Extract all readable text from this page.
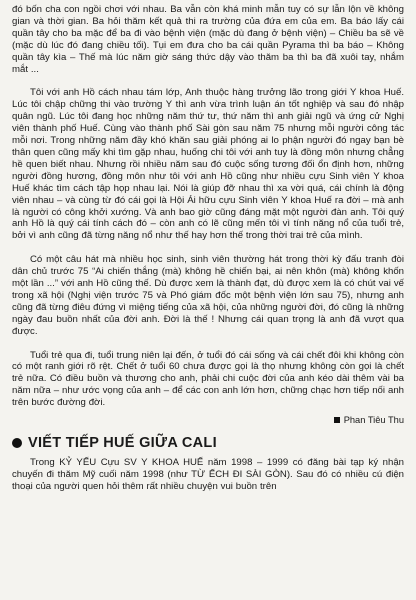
đó bốn cha con ngồi chơi với nhau. Ba vẫn còn khá minh mẫn tuy có sự lẫn lộn về không gian và thời gian. Ba hỏi thăm kết quả thi ra trường của đứa em của em. Ba báo lấy cái quần tây cho ba mặc để ba đi vào bệnh viện (mặc dù đang ở bệnh viện) – Chiều ba sẽ về (mặc dù lúc đó đang chiều tối). Tụi em đưa cho ba cái quần Pyrama thì ba báo – Không quần tây kìa – Thế mà lúc năm giờ sáng thức dậy vào thăm ba thì ba đã xuôi tay, nhắm mắt ...

Tôi với anh Hồ cách nhau tám lớp, Anh thuộc hàng trưởng lão trong giới Y khoa Huế. Lúc tôi chập chững thi vào trường Y thì anh vừa trình luận án tốt nghiệp và sau đó nhập quân ngũ. Lúc tôi đang học những năm thứ tư, thứ năm thì anh giải ngũ và ứng cử Nghị viên thành phố Huế. Cùng vào thành phố Sài gòn sau năm 75 nhưng mỗi người công tác mỗi nơi. Trong những năm đầy khó khăn sau giải phóng ai lo phận người đó ngay bạn bè thân quen cũng mấy khi tìm gặp nhau, huống chi tôi với anh tuy là đồng môn nhưng chẳng hề quen biết nhau. Nhưng rồi nhiều năm sau đó cuộc sống tương đối ổn định hơn, những người đồng hương, đồng môn như tôi với anh Hồ cũng như nhiều cựu Sinh viên Y khoa Huế khác tìm cách tập họp nhau lại. Nói là giúp đỡ nhau thì xa vời quá, cái chính là động viên nhau – và cùng từ đó cái gọi là Hội Ái hữu cựu Sinh viên Y khoa Huế ra đời – mà anh là người có công khởi xướng. Và anh bao giờ cũng đáng mặt một người đàn anh. Tôi quý anh Hồ là quý cái tính cách đó – còn anh có lẽ cũng mến tôi vì tính năng nổ của tuổi trẻ, bởi vì anh cũng đã từng năng nổ như thế hay hơn thế trong thời trai trẻ của mình.

Có một câu hát mà nhiều học sinh, sinh viên thường hát trong thời kỳ đấu tranh đòi dân chủ trước 75 “Ai chiến thắng (mà) không hề chiến bại, ai nên khôn (mà) không khốn một lần ...” với anh Hồ cũng thế. Dù được xem là thành đạt, dù được xem là có chút vai vế trong xã hội (Nghị viện trước 75 và Phó giám đốc một bệnh viện lớn sau 75), nhưng anh cũng đã từng điêu đứng vì miệng tiếng của xã hội, của những người đời, đó cũng là những ngày đau buồn nhất của đời anh. Đời là thế ! Nhưng cái quan trọng là anh đã vượt qua được.

Tuổi trẻ qua đi, tuổi trung niên lại đến, ở tuổi đó cái sống và cái chết đôi khi không còn có một ranh giới rõ rệt. Chết ở tuổi 60 chưa được gọi là thọ nhưng không còn gọi là chết trẻ nữa. Có điều buồn và thương cho anh, phải chi cuộc đời của anh kéo dài thêm vài ba năm nữa – như ước vọng của anh – để các con anh lớn hơn, chững chạc hơn tiếp nối anh trên bước đường đời.

Phan Tiêu Thu
VIẾT TIẾP HUẾ GIỮA CALI

Trong KỶ YẾU Cựu SV Y KHOA HUẾ năm 1998 – 1999 có đăng bài tạp ký nhận chuyến đi thăm Mỹ cuối năm 1998 (như TỪ ẾCH ĐI SÀI GÒN). Sau đó có nhiều cú điện thoại của người quen hỏi thêm rất nhiều chuyện vui buồn trên
